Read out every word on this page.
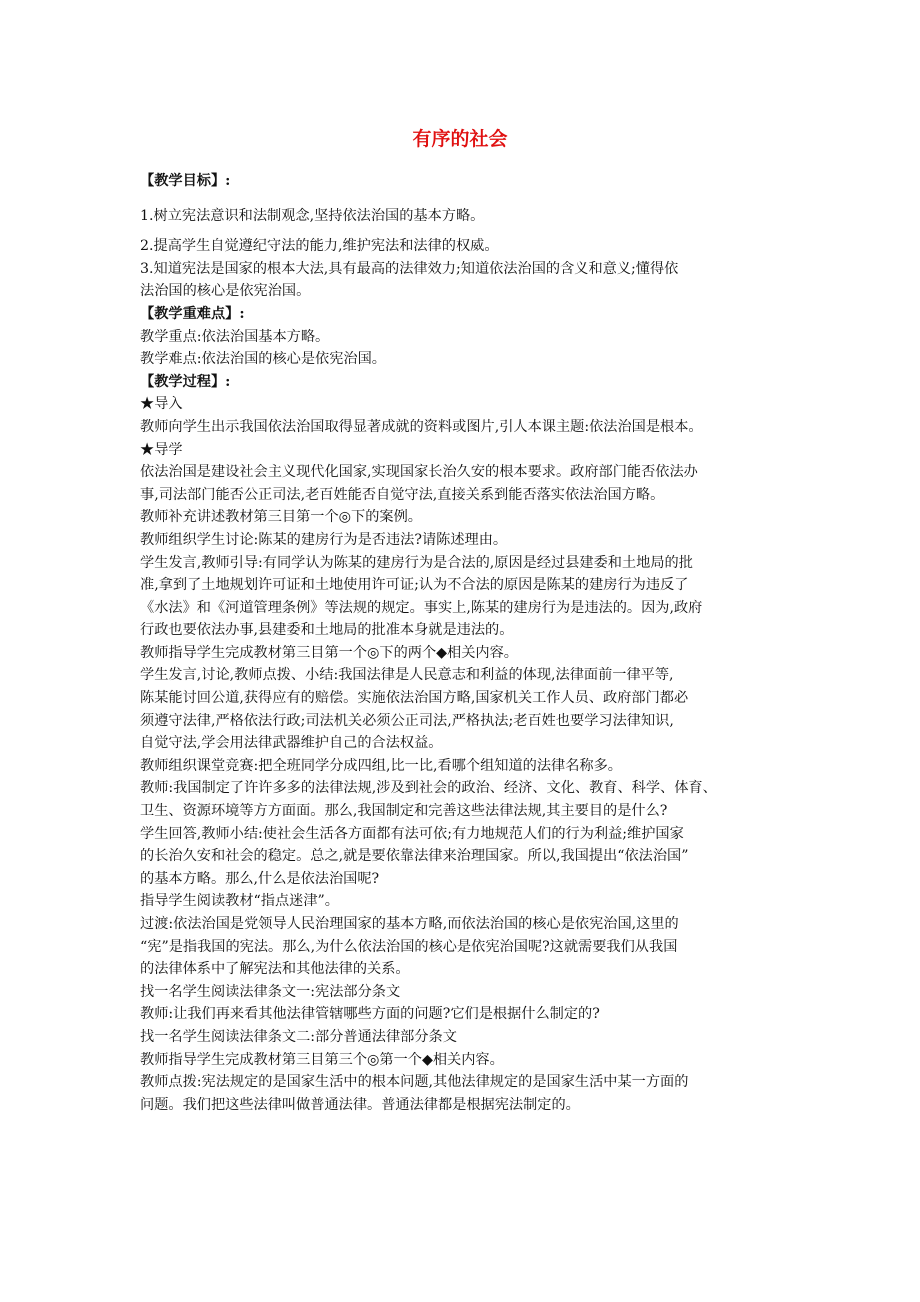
有序的社会
【教学目标】:
1.树立宪法意识和法制观念,坚持依法治国的基本方略。
2.提高学生自觉遵纪守法的能力,维护宪法和法律的权威。
3.知道宪法是国家的根本大法,具有最高的法律效力;知道依法治国的含义和意义;懂得依
法治国的核心是依宪治国。
【教学重难点】:
教学重点:依法治国基本方略。
教学难点:依法治国的核心是依宪治国。
【教学过程】:
★导入
教师向学生出示我国依法治国取得显著成就的资料或图片,引人本课主题:依法治国是根本。
★导学
依法治国是建设社会主义现代化国家,实现国家长治久安的根本要求。政府部门能否依法办
事,司法部门能否公正司法,老百姓能否自觉守法,直接关系到能否落实依法治国方略。
教师补充讲述教材第三目第一个◎下的案例。
教师组织学生讨论:陈某的建房行为是否违法?请陈述理由。
学生发言,教师引导:有同学认为陈某的建房行为是合法的,原因是经过县建委和土地局的批
准,拿到了土地规划许可证和土地使用许可证;认为不合法的原因是陈某的建房行为违反了
《水法》和《河道管理条例》等法规的规定。事实上,陈某的建房行为是违法的。因为,政府
行政也要依法办事,县建委和土地局的批准本身就是违法的。
教师指导学生完成教材第三目第一个◎下的两个◆相关内容。
学生发言,讨论,教师点拨、小结:我国法律是人民意志和利益的体现,法律面前一律平等,
陈某能讨回公道,获得应有的赔偿。实施依法治国方略,国家机关工作人员、政府部门都必
须遵守法律,严格依法行政;司法机关必须公正司法,严格执法;老百姓也要学习法律知识,
自觉守法,学会用法律武器维护自己的合法权益。
教师组织课堂竞赛:把全班同学分成四组,比一比,看哪个组知道的法律名称多。
教师:我国制定了许许多多的法律法规,涉及到社会的政治、经济、文化、教育、科学、体育、
卫生、资源环境等方方面面。那么,我国制定和完善这些法律法规,其主要目的是什么?
学生回答,教师小结:使社会生活各方面都有法可依;有力地规范人们的行为利益;维护国家
的长治久安和社会的稳定。总之,就是要依靠法律来治理国家。所以,我国提出“依法治国”
的基本方略。那么,什么是依法治国呢?
指导学生阅读教材“指点迷津”。
过渡:依法治国是党领导人民治理国家的基本方略,而依法治国的核心是依宪治国,这里的
“宪”是指我国的宪法。那么,为什么依法治国的核心是依宪治国呢?这就需要我们从我国
的法律体系中了解宪法和其他法律的关系。
找一名学生阅读法律条文一:宪法部分条文
教师:让我们再来看其他法律管辖哪些方面的问题?它们是根据什么制定的?
找一名学生阅读法律条文二:部分普通法律部分条文
教师指导学生完成教材第三目第三个◎第一个◆相关内容。
教师点拨:宪法规定的是国家生活中的根本问题,其他法律规定的是国家生活中某一方面的
问题。我们把这些法律叫做普通法律。普通法律都是根据宪法制定的。
